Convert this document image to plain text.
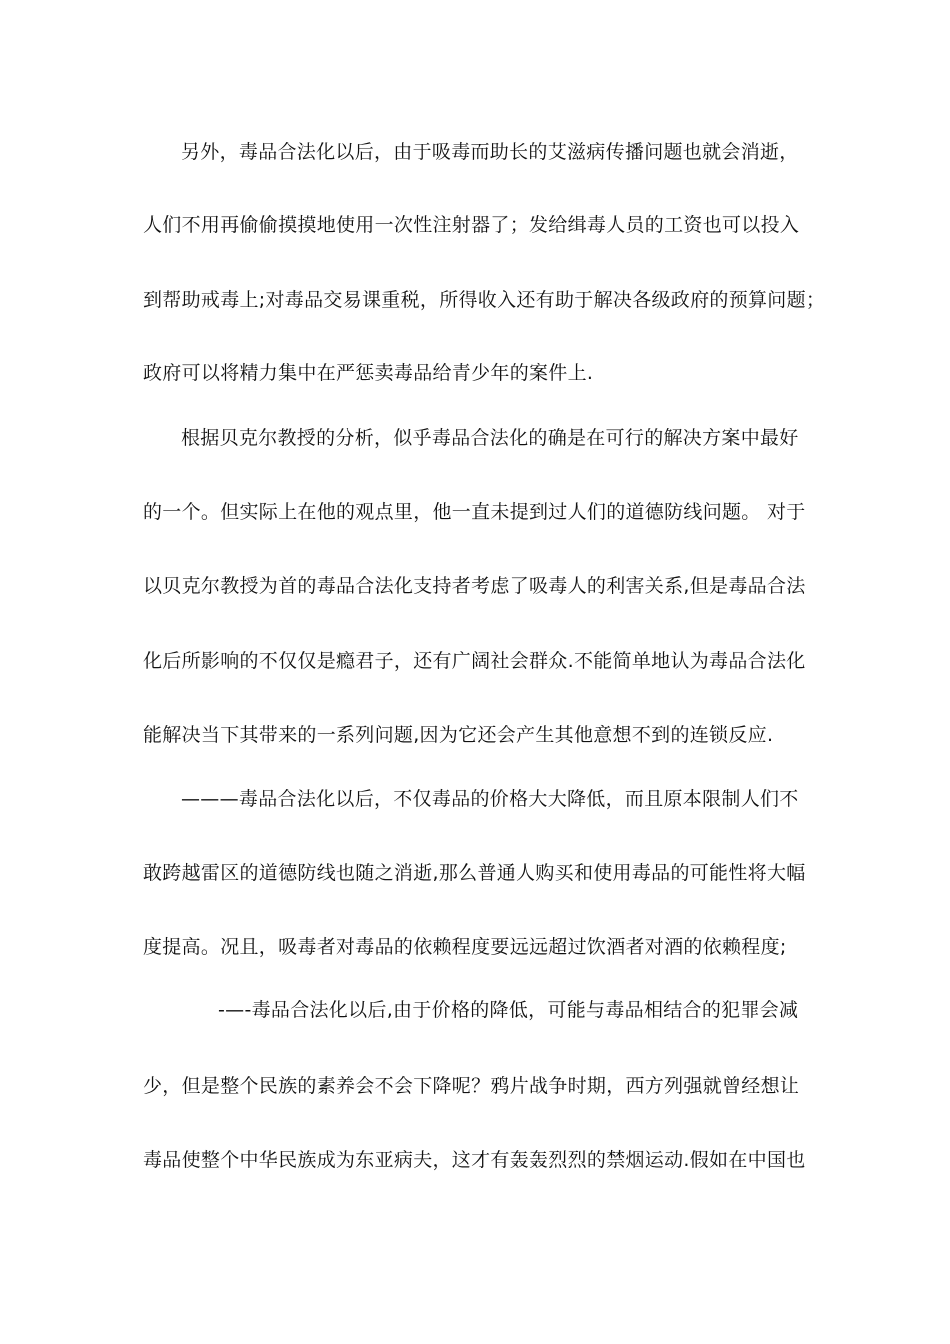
另外，毒品合法化以后，由于吸毒而助长的艾滋病传播问题也就会消逝，
人们不用再偷偷摸摸地使用一次性注射器了；发给缉毒人员的工资也可以投入
到帮助戒毒上;对毒品交易课重税，所得收入还有助于解决各级政府的预算问题；
政府可以将精力集中在严惩卖毒品给青少年的案件上.
根据贝克尔教授的分析，似乎毒品合法化的确是在可行的解决方案中最好
的一个。但实际上在他的观点里，他一直未提到过人们的道德防线问题。 对于
以贝克尔教授为首的毒品合法化支持者考虑了吸毒人的利害关系,但是毒品合法
化后所影响的不仅仅是瘾君子，还有广阔社会群众.不能简单地认为毒品合法化
能解决当下其带来的一系列问题,因为它还会产生其他意想不到的连锁反应.
———毒品合法化以后，不仅毒品的价格大大降低，而且原本限制人们不
敢跨越雷区的道德防线也随之消逝,那么普通人购买和使用毒品的可能性将大幅
度提高。况且，吸毒者对毒品的依赖程度要远远超过饮酒者对酒的依赖程度;
-—-毒品合法化以后,由于价格的降低，可能与毒品相结合的犯罪会减
少，但是整个民族的素养会不会下降呢？鸦片战争时期，西方列强就曾经想让
毒品使整个中华民族成为东亚病夫，这才有轰轰烈烈的禁烟运动.假如在中国也
